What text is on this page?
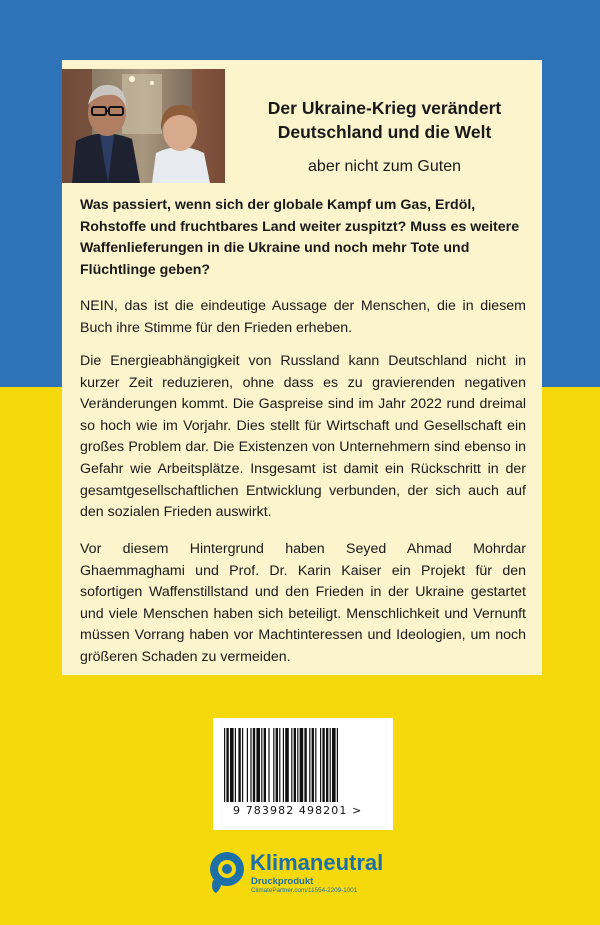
Der Ukraine-Krieg verändert
Deutschland und die Welt
aber nicht zum Guten

Was passiert, wenn sich der globale Kampf um Gas, Erdöl, Rohstoffe und fruchtbares Land weiter zuspitzt? Muss es weitere Waffenlieferungen in die Ukraine und noch mehr Tote und Flüchtlinge geben?

NEIN, das ist die eindeutige Aussage der Menschen, die in diesem Buch ihre Stimme für den Frieden erheben.

Die Energieabhängigkeit von Russland kann Deutschland nicht in kurzer Zeit reduzieren, ohne dass es zu gravierenden negativen Veränderungen kommt. Die Gaspreise sind im Jahr 2022 rund dreimal so hoch wie im Vorjahr. Dies stellt für Wirtschaft und Gesellschaft ein großes Problem dar. Die Existenzen von Unternehmern sind ebenso in Gefahr wie Arbeitsplätze. Insgesamt ist damit ein Rückschritt in der gesamtgesellschaftlichen Entwicklung verbunden, der sich auch auf den sozialen Frieden auswirkt.

Vor diesem Hintergrund haben Seyed Ahmad Mohrdar Ghaemmaghami und Prof. Dr. Karin Kaiser ein Projekt für den sofortigen Waffenstillstand und den Frieden in der Ukraine gestartet und viele Menschen haben sich beteiligt. Menschlichkeit und Vernunft müssen Vorrang haben vor Machtinteressen und Ideologien, um noch größeren Schaden zu vermeiden.

9 783982 498201 >
Klimaneutral
Druckprodukt
ClimatePartner.com/11554-2209-1001
